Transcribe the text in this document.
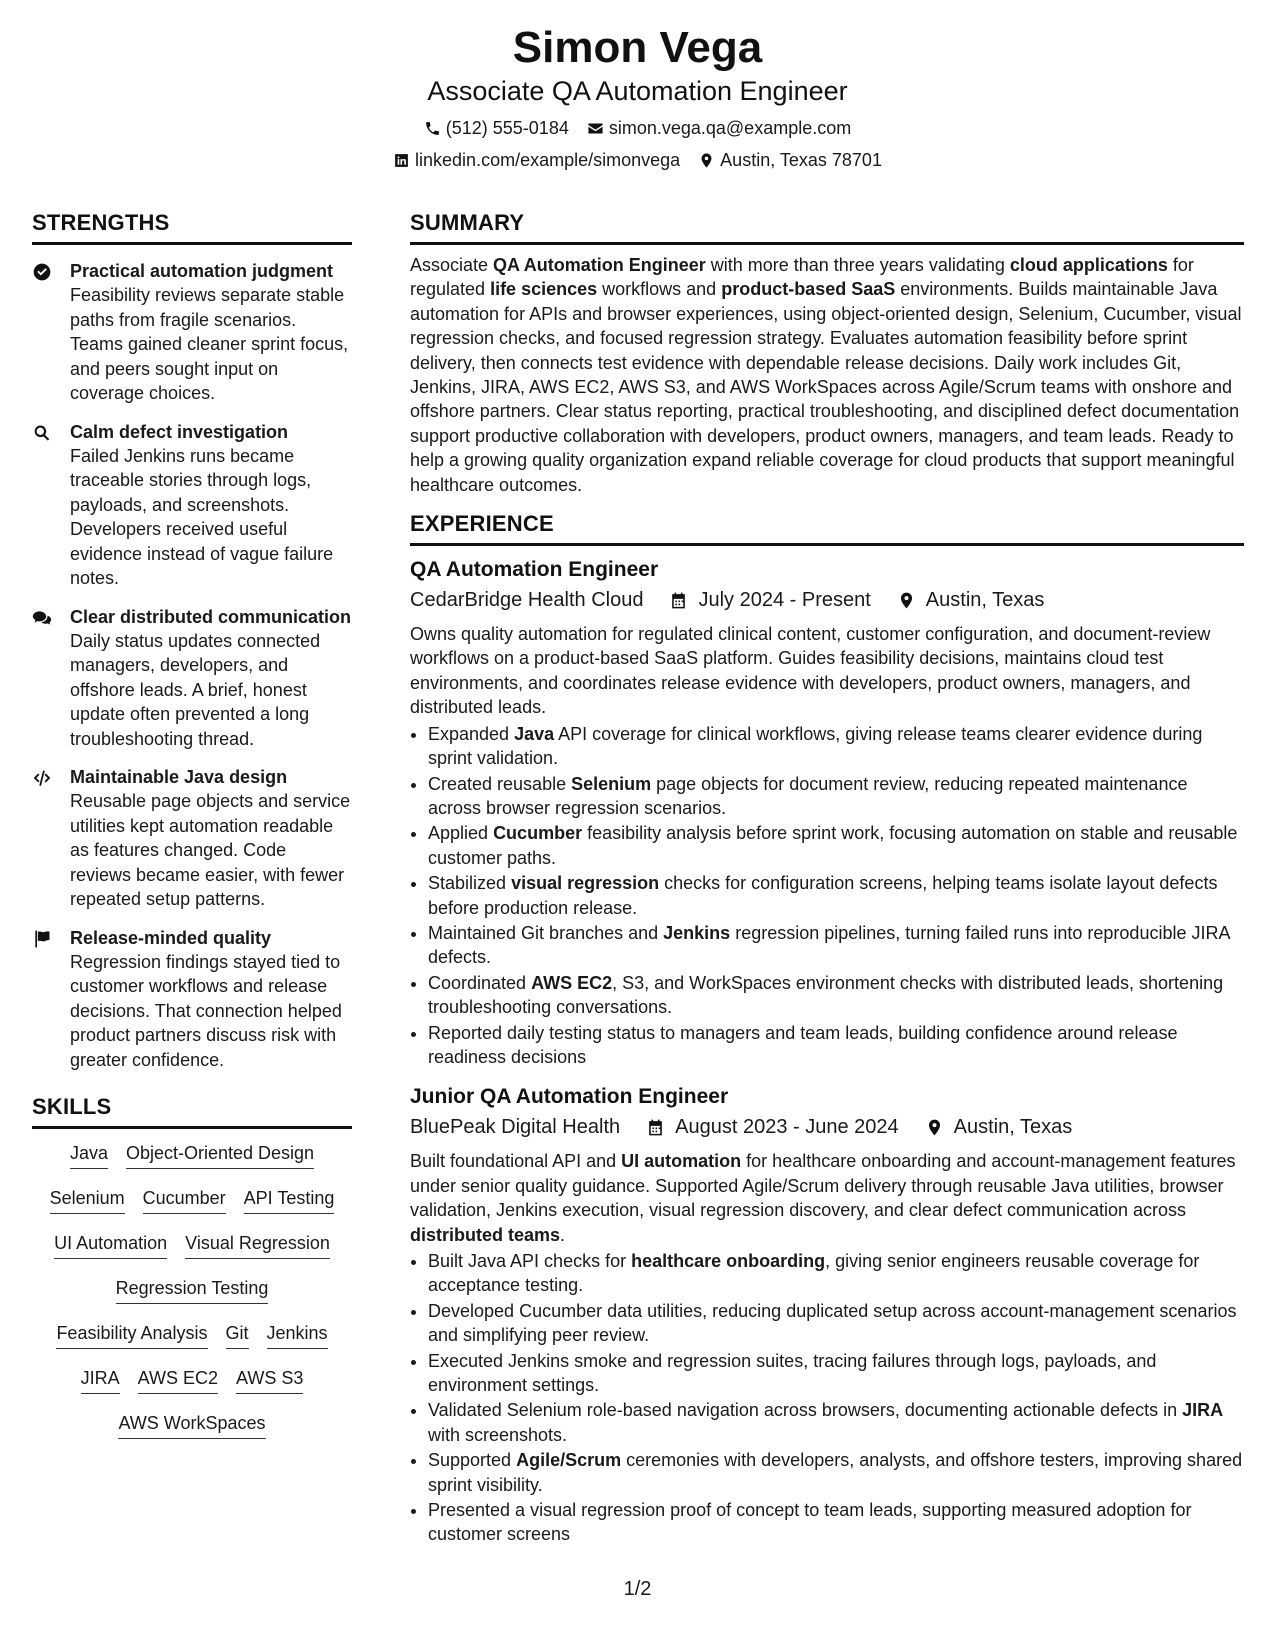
Simon Vega
Associate QA Automation Engineer
(512) 555-0184 simon.vega.qa@example.com
linkedin.com/example/simonvega Austin, Texas 78701
STRENGTHS
Practical automation judgment
Feasibility reviews separate stable paths from fragile scenarios. Teams gained cleaner sprint focus, and peers sought input on coverage choices.
Calm defect investigation
Failed Jenkins runs became traceable stories through logs, payloads, and screenshots. Developers received useful evidence instead of vague failure notes.
Clear distributed communication
Daily status updates connected managers, developers, and offshore leads. A brief, honest update often prevented a long troubleshooting thread.
Maintainable Java design
Reusable page objects and service utilities kept automation readable as features changed. Code reviews became easier, with fewer repeated setup patterns.
Release-minded quality
Regression findings stayed tied to customer workflows and release decisions. That connection helped product partners discuss risk with greater confidence.
SKILLS
Java Object-Oriented Design
Selenium Cucumber API Testing
UI Automation Visual Regression
Regression Testing
Feasibility Analysis Git Jenkins
JIRA AWS EC2 AWS S3
AWS WorkSpaces
SUMMARY
Associate QA Automation Engineer with more than three years validating cloud applications for regulated life sciences workflows and product-based SaaS environments. Builds maintainable Java automation for APIs and browser experiences, using object-oriented design, Selenium, Cucumber, visual regression checks, and focused regression strategy. Evaluates automation feasibility before sprint delivery, then connects test evidence with dependable release decisions. Daily work includes Git, Jenkins, JIRA, AWS EC2, AWS S3, and AWS WorkSpaces across Agile/Scrum teams with onshore and offshore partners. Clear status reporting, practical troubleshooting, and disciplined defect documentation support productive collaboration with developers, product owners, managers, and team leads. Ready to help a growing quality organization expand reliable coverage for cloud products that support meaningful healthcare outcomes.
EXPERIENCE
QA Automation Engineer
CedarBridge Health Cloud	July 2024 - Present	Austin, Texas
Owns quality automation for regulated clinical content, customer configuration, and document-review workflows on a product-based SaaS platform. Guides feasibility decisions, maintains cloud test environments, and coordinates release evidence with developers, product owners, managers, and distributed leads.
• Expanded Java API coverage for clinical workflows, giving release teams clearer evidence during sprint validation.
• Created reusable Selenium page objects for document review, reducing repeated maintenance across browser regression scenarios.
• Applied Cucumber feasibility analysis before sprint work, focusing automation on stable and reusable customer paths.
• Stabilized visual regression checks for configuration screens, helping teams isolate layout defects before production release.
• Maintained Git branches and Jenkins regression pipelines, turning failed runs into reproducible JIRA defects.
• Coordinated AWS EC2, S3, and WorkSpaces environment checks with distributed leads, shortening troubleshooting conversations.
• Reported daily testing status to managers and team leads, building confidence around release readiness decisions
Junior QA Automation Engineer
BluePeak Digital Health	August 2023 - June 2024	Austin, Texas
Built foundational API and UI automation for healthcare onboarding and account-management features under senior quality guidance. Supported Agile/Scrum delivery through reusable Java utilities, browser validation, Jenkins execution, visual regression discovery, and clear defect communication across distributed teams.
• Built Java API checks for healthcare onboarding, giving senior engineers reusable coverage for acceptance testing.
• Developed Cucumber data utilities, reducing duplicated setup across account-management scenarios and simplifying peer review.
• Executed Jenkins smoke and regression suites, tracing failures through logs, payloads, and environment settings.
• Validated Selenium role-based navigation across browsers, documenting actionable defects in JIRA with screenshots.
• Supported Agile/Scrum ceremonies with developers, analysts, and offshore testers, improving shared sprint visibility.
• Presented a visual regression proof of concept to team leads, supporting measured adoption for customer screens
1/2
